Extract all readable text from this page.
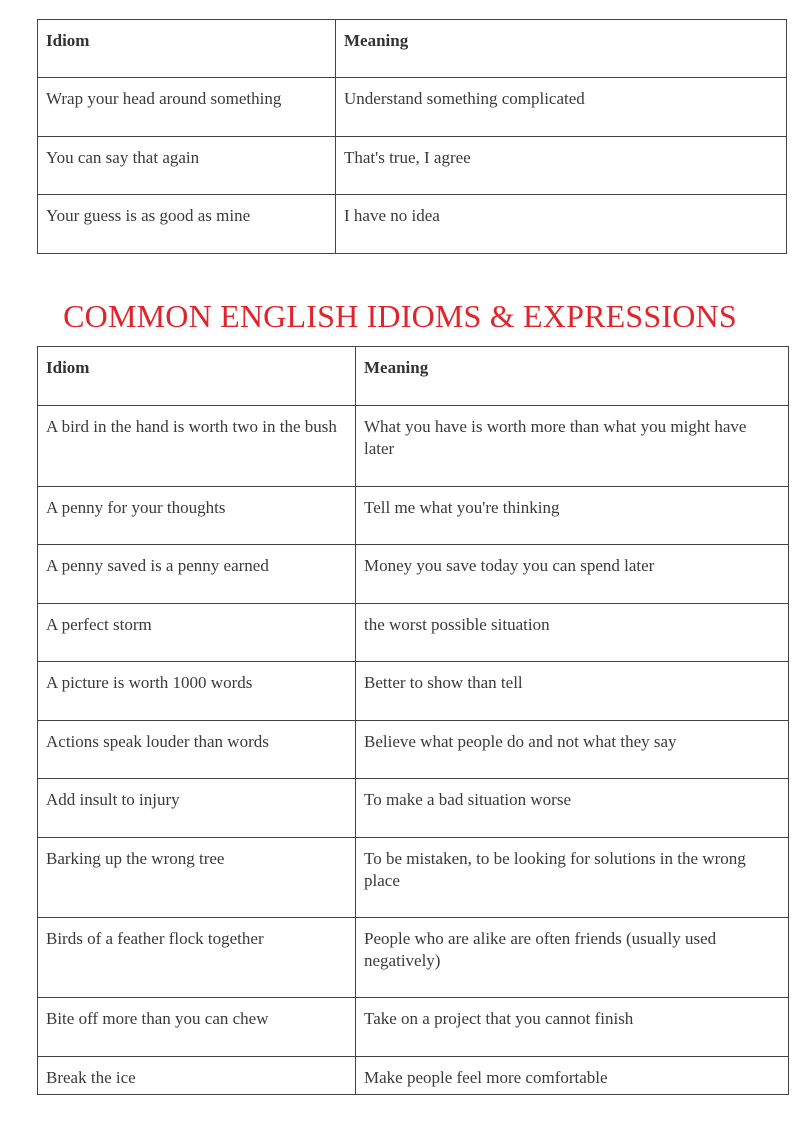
Idiom	Meaning

Wrap your head around something	Understand something complicated

You can say that again	That's true, I agree

Your guess is as good as mine	I have no idea
COMMON ENGLISH IDIOMS & EXPRESSIONS
Idiom	Meaning

A bird in the hand is worth two in the bush	What you have is worth more than what you might have later

A penny for your thoughts	Tell me what you're thinking

A penny saved is a penny earned	Money you save today you can spend later

A perfect storm	the worst possible situation

A picture is worth 1000 words	Better to show than tell

Actions speak louder than words	Believe what people do and not what they say

Add insult to injury	To make a bad situation worse

Barking up the wrong tree	To be mistaken, to be looking for solutions in the wrong place

Birds of a feather flock together	People who are alike are often friends (usually used negatively)

Bite off more than you can chew	Take on a project that you cannot finish

Break the ice	Make people feel more comfortable
